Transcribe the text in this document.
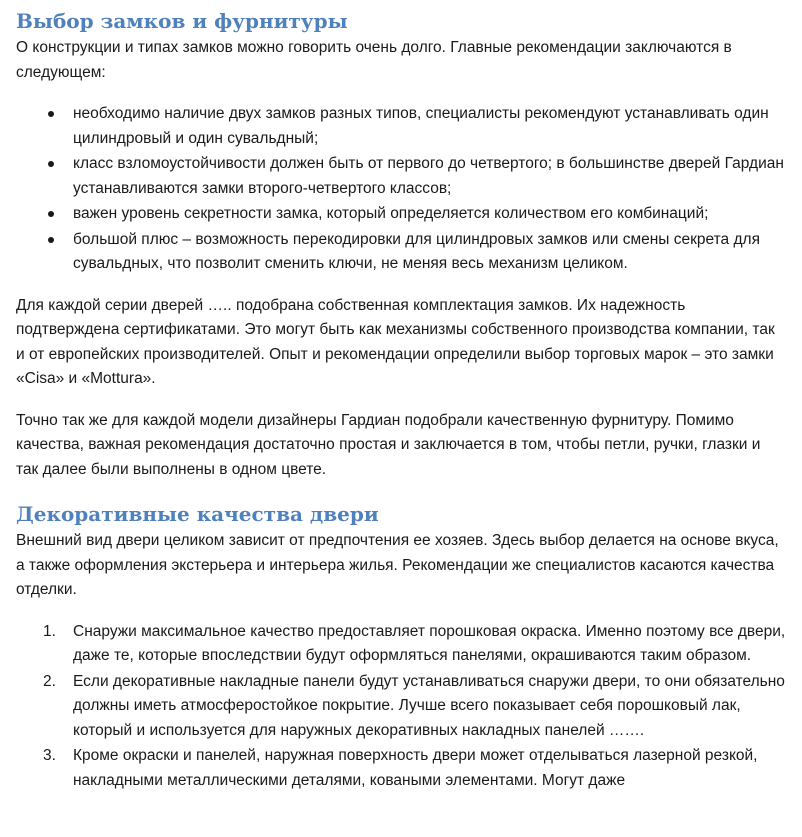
Выбор замков и фурнитуры

О конструкции и типах замков можно говорить очень долго. Главные рекомендации заключаются в следующем:

необходимо наличие двух замков разных типов, специалисты рекомендуют устанавливать один цилиндровый и один сувальдный;
класс взломоустойчивости должен быть от первого до четвертого; в большинстве дверей Гардиан устанавливаются замки второго-четвертого классов;
важен уровень секретности замка, который определяется количеством его комбинаций;
большой плюс – возможность перекодировки для цилиндровых замков или смены секрета для сувальдных, что позволит сменить ключи, не меняя весь механизм целиком.

Для каждой серии дверей ….. подобрана собственная комплектация замков. Их надежность подтверждена сертификатами. Это могут быть как механизмы собственного производства компании, так и от европейских производителей. Опыт и рекомендации определили выбор торговых марок – это замки «Cisa» и «Mottura».

Точно так же для каждой модели дизайнеры Гардиан подобрали качественную фурнитуру. Помимо качества, важная рекомендация достаточно простая и заключается в том, чтобы петли, ручки, глазки и так далее были выполнены в одном цвете.

Декоративные качества двери

Внешний вид двери целиком зависит от предпочтения ее хозяев. Здесь выбор делается на основе вкуса, а также оформления экстерьера и интерьера жилья. Рекомендации же специалистов касаются качества отделки.

1. Снаружи максимальное качество предоставляет порошковая окраска. Именно поэтому все двери, даже те, которые впоследствии будут оформляться панелями, окрашиваются таким образом.
2. Если декоративные накладные панели будут устанавливаться снаружи двери, то они обязательно должны иметь атмосферостойкое покрытие. Лучше всего показывает себя порошковый лак, который и используется для наружных декоративных накладных панелей …….
3. Кроме окраски и панелей, наружная поверхность двери может отделываться лазерной резкой, накладными металлическими деталями, коваными элементами. Могут даже
